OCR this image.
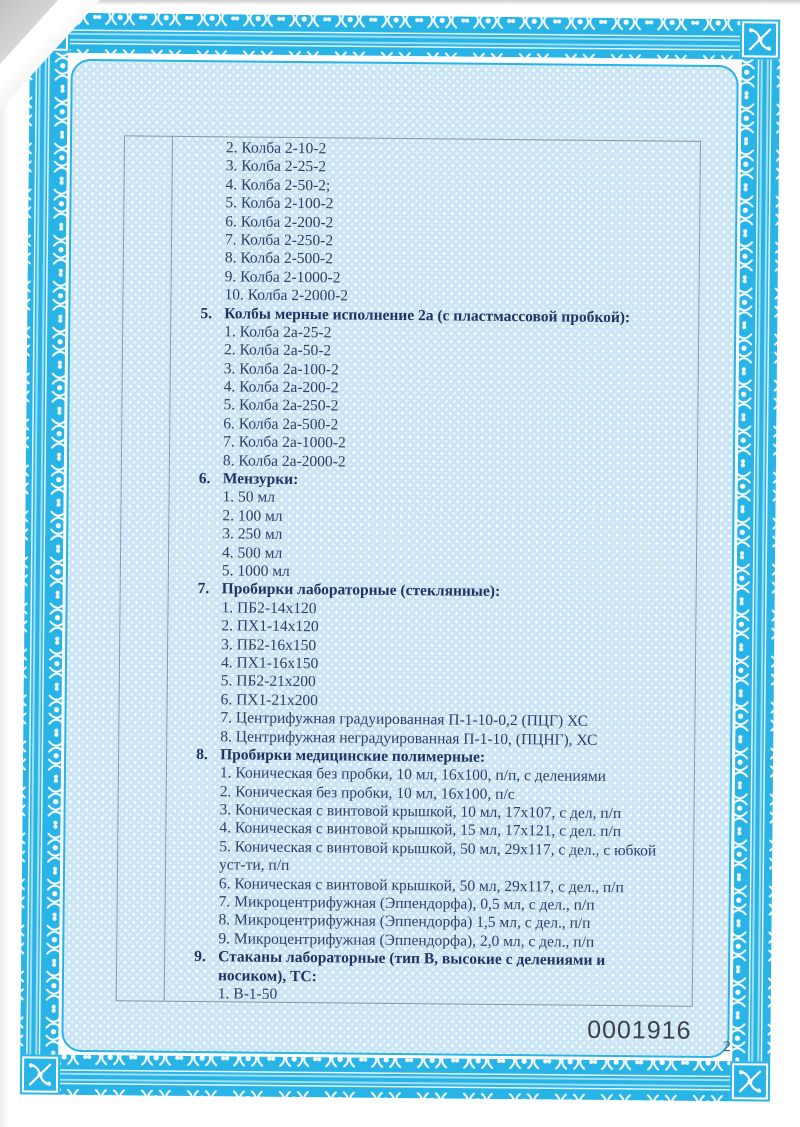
2. Колба 2-10-2
3. Колба 2-25-2
4. Колба 2-50-2;
5. Колба 2-100-2
6. Колба 2-200-2
7. Колба 2-250-2
8. Колба 2-500-2
9. Колба 2-1000-2
10. Колба 2-2000-2
5. Колбы мерные исполнение 2а (с пластмассовой пробкой):
1. Колба 2а-25-2
2. Колба 2а-50-2
3. Колба 2а-100-2
4. Колба 2а-200-2
5. Колба 2а-250-2
6. Колба 2а-500-2
7. Колба 2а-1000-2
8. Колба 2а-2000-2
6. Мензурки:
1. 50 мл
2. 100 мл
3. 250 мл
4. 500 мл
5. 1000 мл
7. Пробирки лабораторные (стеклянные):
1. ПБ2-14x120
2. ПХ1-14x120
3. ПБ2-16x150
4. ПХ1-16x150
5. ПБ2-21x200
6. ПХ1-21x200
7. Центрифужная градуированная П-1-10-0,2 (ПЦГ) ХС
8. Центрифужная неградуированная П-1-10, (ПЦНГ), ХС
8. Пробирки медицинские полимерные:
1. Коническая без пробки, 10 мл, 16x100, п/п, с делениями
2. Коническая без пробки, 10 мл, 16x100, п/с
3. Коническая с винтовой крышкой, 10 мл, 17x107, с дел, п/п
4. Коническая с винтовой крышкой, 15 мл, 17x121, с дел. п/п
5. Коническая с винтовой крышкой, 50 мл, 29x117, с дел., с юбкой
уст-ти, п/п
6. Коническая с винтовой крышкой, 50 мл, 29x117, с дел., п/п
7. Микроцентрифужная (Эппендорфа), 0,5 мл, с дел., п/п
8. Микроцентрифужная (Эппендорфа) 1,5 мл, с дел., п/п
9. Микроцентрифужная (Эппендорфа), 2,0 мл, с дел., п/п
9. Стаканы лабораторные (тип В, высокие с делениями и
носиком), ТС:
1. В-1-50
0001916
2
